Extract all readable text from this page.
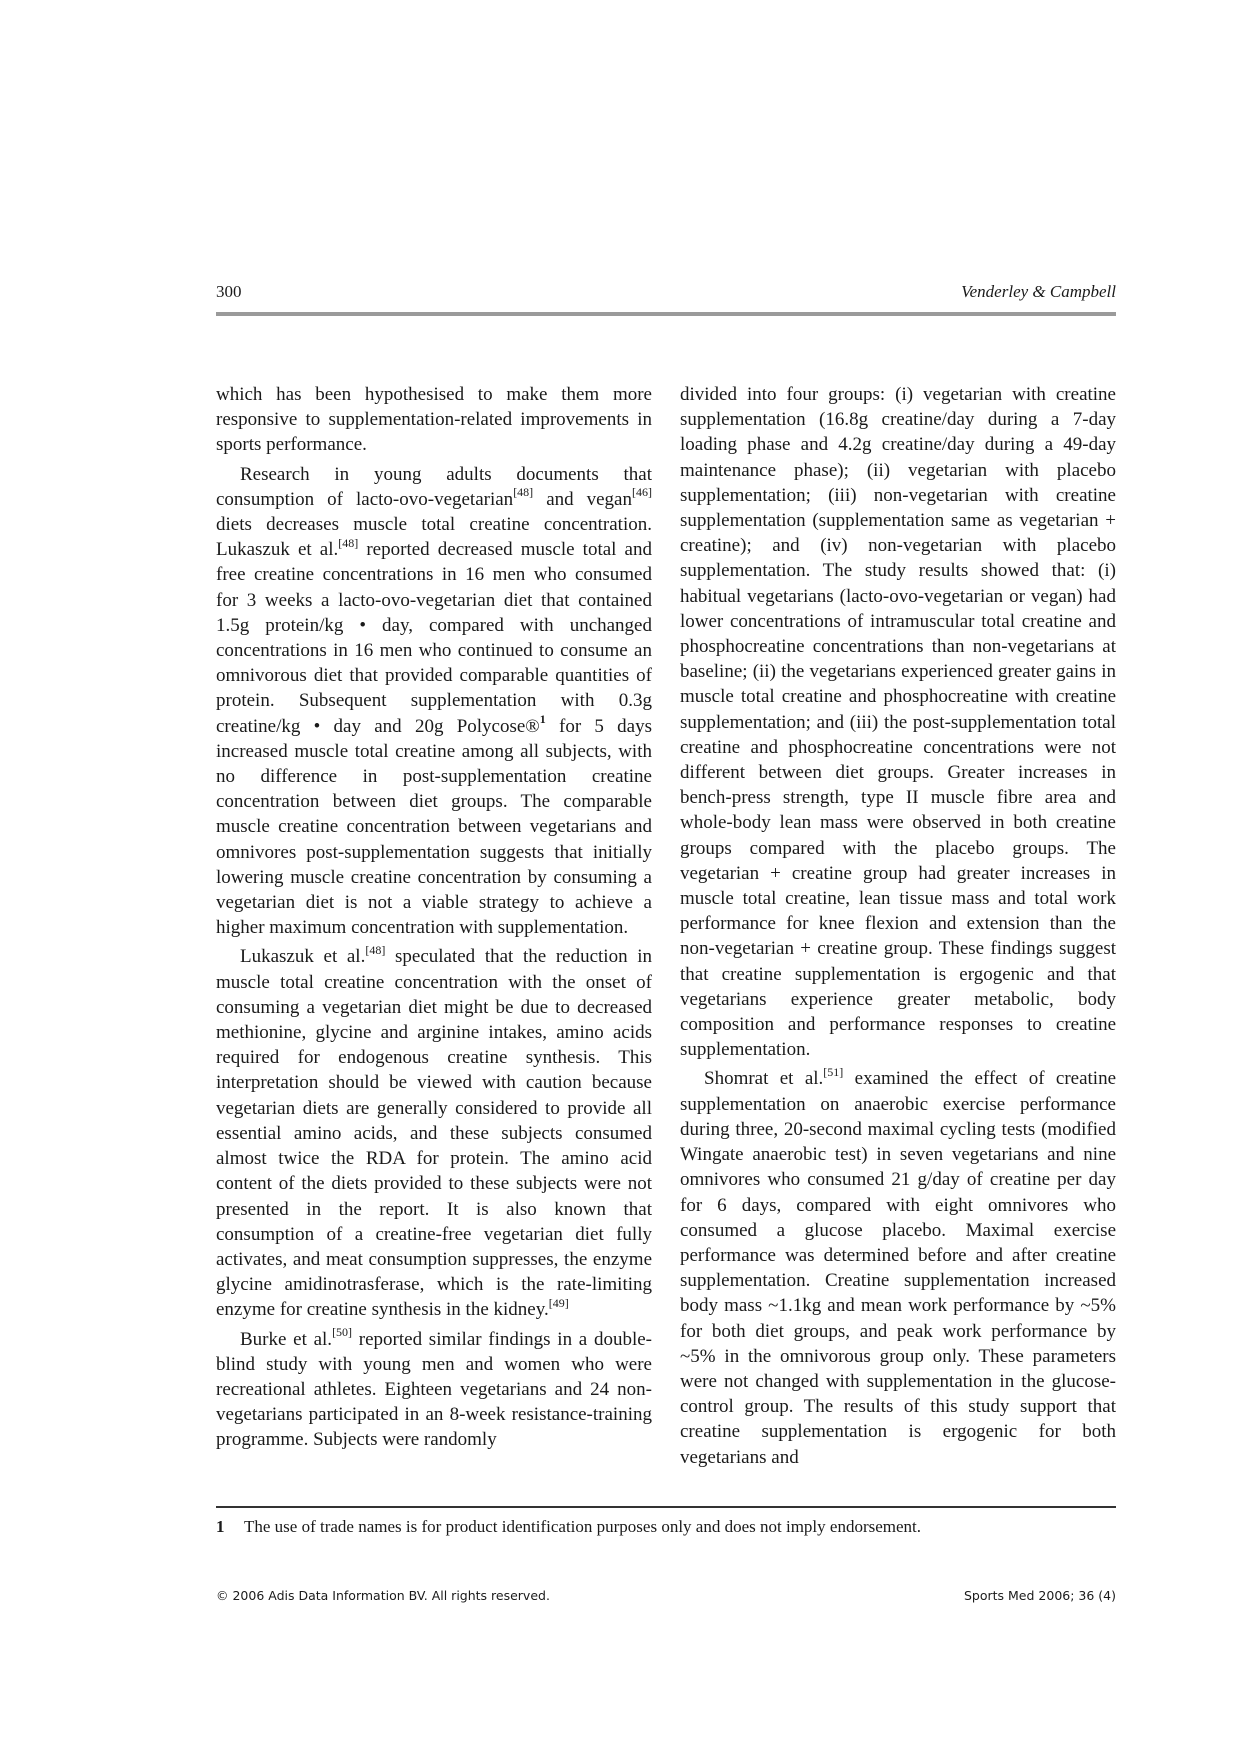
300	Venderley & Campbell

which has been hypothesised to make them more responsive to supplementation-related improvements in sports performance.

Research in young adults documents that consumption of lacto-ovo-vegetarian[48] and vegan[46] diets decreases muscle total creatine concentration. Lukaszuk et al.[48] reported decreased muscle total and free creatine concentrations in 16 men who consumed for 3 weeks a lacto-ovo-vegetarian diet that contained 1.5g protein/kg • day, compared with unchanged concentrations in 16 men who continued to consume an omnivorous diet that provided comparable quantities of protein. Subsequent supplementation with 0.3g creatine/kg • day and 20g Polycose®$^1$ for 5 days increased muscle total creatine among all subjects, with no difference in post-supplementation creatine concentration between diet groups. The comparable muscle creatine concentration between vegetarians and omnivores post-supplementation suggests that initially lowering muscle creatine concentration by consuming a vegetarian diet is not a viable strategy to achieve a higher maximum concentration with supplementation.

Lukaszuk et al.[48] speculated that the reduction in muscle total creatine concentration with the onset of consuming a vegetarian diet might be due to decreased methionine, glycine and arginine intakes, amino acids required for endogenous creatine synthesis. This interpretation should be viewed with caution because vegetarian diets are generally considered to provide all essential amino acids, and these subjects consumed almost twice the RDA for protein. The amino acid content of the diets provided to these subjects were not presented in the report. It is also known that consumption of a creatine-free vegetarian diet fully activates, and meat consumption suppresses, the enzyme glycine amidinotrasferase, which is the rate-limiting enzyme for creatine synthesis in the kidney.[49]

Burke et al.[50] reported similar findings in a double-blind study with young men and women who were recreational athletes. Eighteen vegetarians and 24 non-vegetarians participated in an 8-week resistance-training programme. Subjects were randomly

divided into four groups: (i) vegetarian with creatine supplementation (16.8g creatine/day during a 7-day loading phase and 4.2g creatine/day during a 49-day maintenance phase); (ii) vegetarian with placebo supplementation; (iii) non-vegetarian with creatine supplementation (supplementation same as vegetarian + creatine); and (iv) non-vegetarian with placebo supplementation. The study results showed that: (i) habitual vegetarians (lacto-ovo-vegetarian or vegan) had lower concentrations of intramuscular total creatine and phosphocreatine concentrations than non-vegetarians at baseline; (ii) the vegetarians experienced greater gains in muscle total creatine and phosphocreatine with creatine supplementation; and (iii) the post-supplementation total creatine and phosphocreatine concentrations were not different between diet groups. Greater increases in bench-press strength, type II muscle fibre area and whole-body lean mass were observed in both creatine groups compared with the placebo groups. The vegetarian + creatine group had greater increases in muscle total creatine, lean tissue mass and total work performance for knee flexion and extension than the non-vegetarian + creatine group. These findings suggest that creatine supplementation is ergogenic and that vegetarians experience greater metabolic, body composition and performance responses to creatine supplementation.

Shomrat et al.[51] examined the effect of creatine supplementation on anaerobic exercise performance during three, 20-second maximal cycling tests (modified Wingate anaerobic test) in seven vegetarians and nine omnivores who consumed 21 g/day of creatine per day for 6 days, compared with eight omnivores who consumed a glucose placebo. Maximal exercise performance was determined before and after creatine supplementation. Creatine supplementation increased body mass ~1.1kg and mean work performance by ~5% for both diet groups, and peak work performance by ~5% in the omnivorous group only. These parameters were not changed with supplementation in the glucose-control group. The results of this study support that creatine supplementation is ergogenic for both vegetarians and

1 The use of trade names is for product identification purposes only and does not imply endorsement.
© 2006 Adis Data Information BV. All rights reserved.	Sports Med 2006; 36 (4)
